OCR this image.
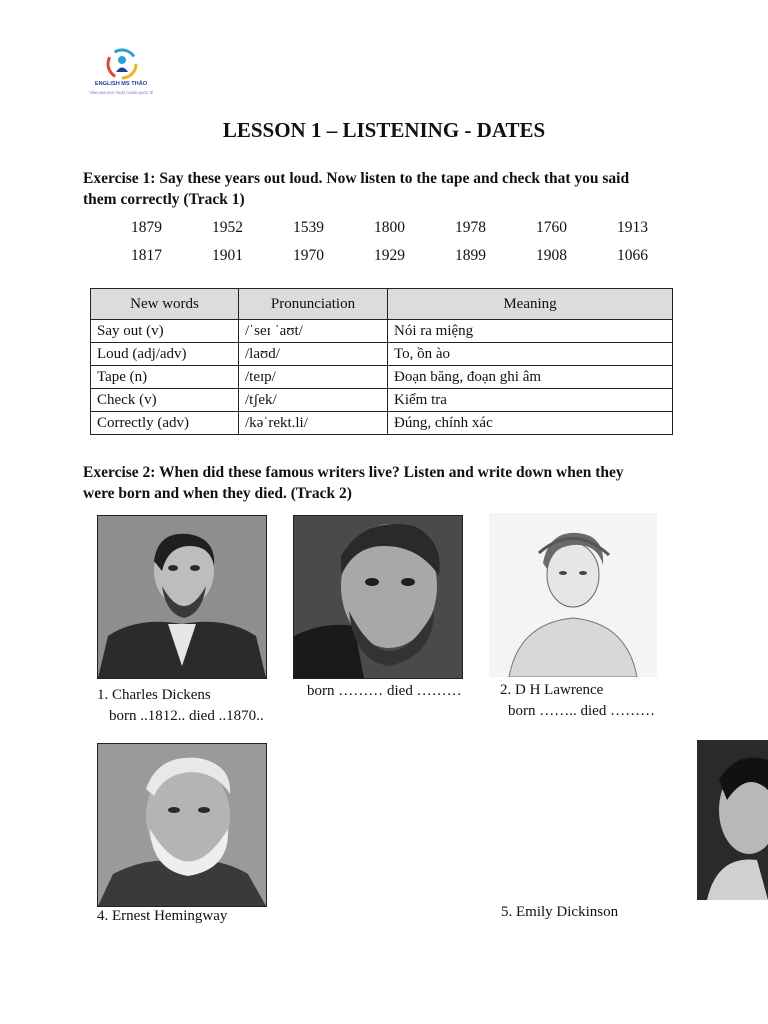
ENGLISH MS THẢO
TIẾNG ANH HỌC THUẬT CHUẨN QUỐC TẾ
LESSON 1 – LISTENING - DATES
Exercise 1: Say these years out loud. Now listen to the tape and check that you said
them correctly (Track 1)
1879	1952	1539	1800	1978	1760	1913
1817	1901	1970	1929	1899	1908	1066
New words	Pronunciation	Meaning
Say out (v)	/ˈseɪ ˈaʊt/	Nói ra miệng
Loud (adj/adv)	/laʊd/	To, ồn ào
Tape (n)	/teɪp/	Đoạn băng, đoạn ghi âm
Check (v)	/tʃek/	Kiểm tra
Correctly (adv)	/kəˈrekt.li/	Đúng, chính xác
Exercise 2: When did these famous writers live? Listen and write down when they
were born and when they died. (Track 2)
1. Charles Dickens
born ..1812.. died ..1870..
born ……… died ………	2. D H Lawrence
born …….. died ………
4. Ernest Hemingway	5. Emily Dickinson
